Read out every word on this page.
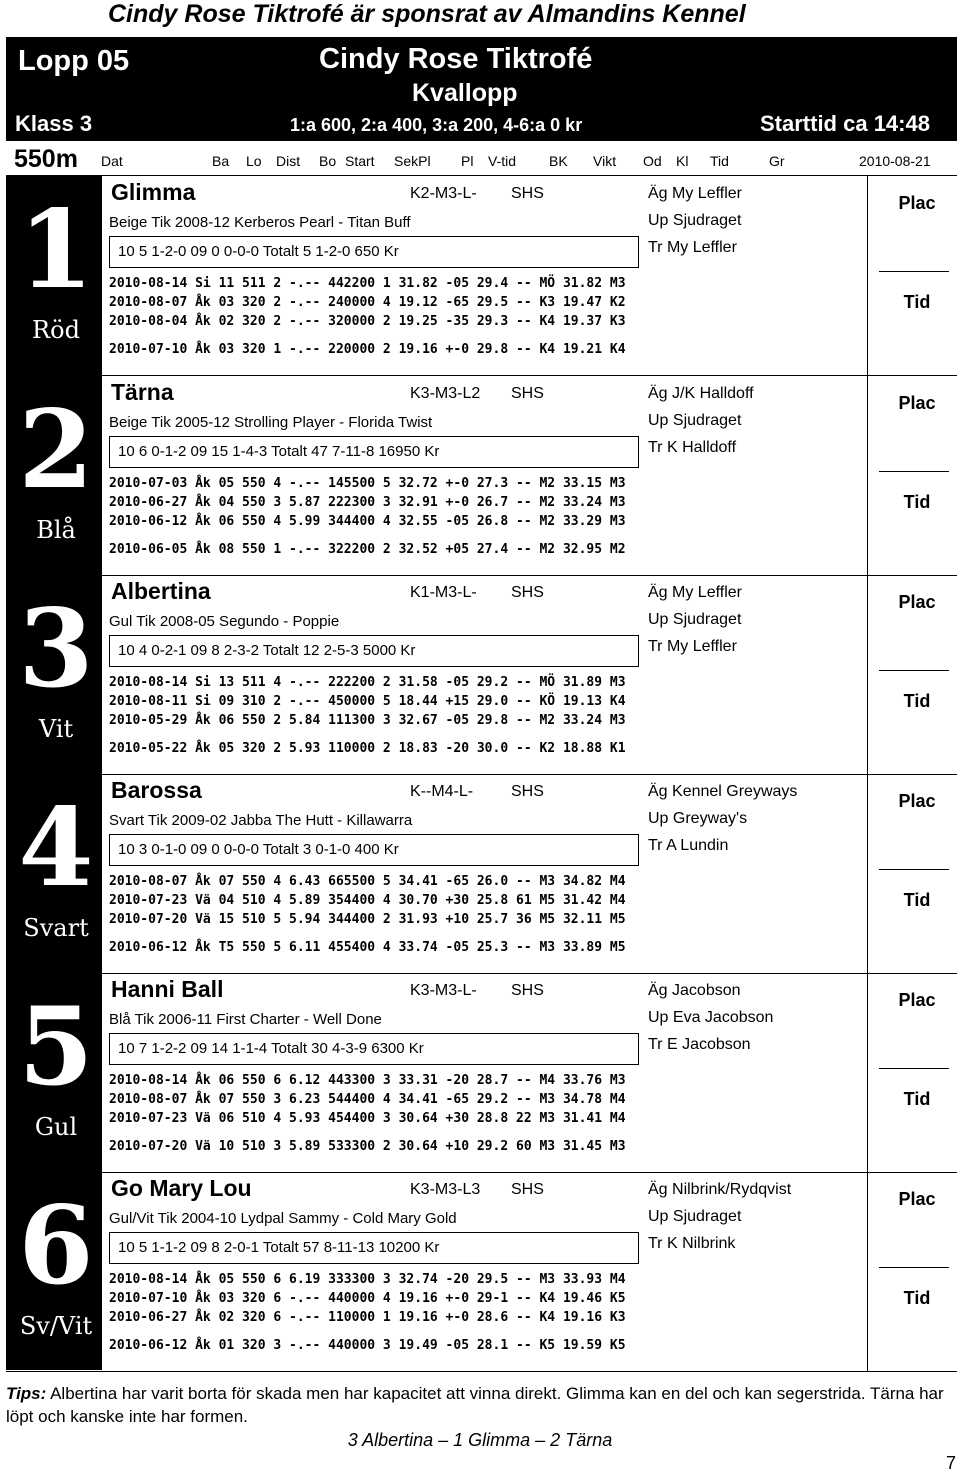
Cindy Rose Tiktrofé är sponsrat av Almandins Kennel
Lopp 05
Klass 3
Cindy Rose Tiktrofé
Kvallopp
1:a 600, 2:a 400, 3:a 200, 4-6:a 0 kr	Starttid ca 14:48
550m Dat	Ba Lo Dist Bo Start SekPl Pl V-tid BK Vikt Od Kl Tid	Gr	2010-08-21
1
Röd
Glimma	K2-M3-L- SHS	Äg My Leffler
Up Sjudraget
Tr My Leffler
Beige Tik 2008-12 Kerberos Pearl - Titan Buff
10 5 1-2-0 09 0 0-0-0 Totalt 5 1-2-0 650 Kr
2010-08-14 Si 11 511 2 -.-- 442200 1 31.82 -05 29.4 -- MÖ 31.82 M3
2010-08-07 Åk 03 320 2 -.-- 240000 4 19.12 -65 29.5 -- K3 19.47 K2
2010-08-04 Åk 02 320 2 -.-- 320000 2 19.25 -35 29.3 -- K4 19.37 K3
2010-07-10 Åk 03 320 1 -.-- 220000 2 19.16 +-0 29.8 -- K4 19.21 K4
Plac
Tid
2
Blå
Tärna	K3-M3-L2 SHS	Äg J/K Halldoff
Up Sjudraget
Tr K Halldoff
Beige Tik 2005-12 Strolling Player - Florida Twist
10 6 0-1-2 09 15 1-4-3 Totalt 47 7-11-8 16950 Kr
2010-07-03 Åk 05 550 4 -.-- 145500 5 32.72 +-0 27.3 -- M2 33.15 M3
2010-06-27 Åk 04 550 3 5.87 222300 3 32.91 +-0 26.7 -- M2 33.24 M3
2010-06-12 Åk 06 550 4 5.99 344400 4 32.55 -05 26.8 -- M2 33.29 M3
2010-06-05 Åk 08 550 1 -.-- 322200 2 32.52 +05 27.4 -- M2 32.95 M2
Plac
Tid
3
Vit
Albertina	K1-M3-L- SHS	Äg My Leffler
Up Sjudraget
Tr My Leffler
Gul Tik 2008-05 Segundo - Poppie
10 4 0-2-1 09 8 2-3-2 Totalt 12 2-5-3 5000 Kr
2010-08-14 Si 13 511 4 -.-- 222200 2 31.58 -05 29.2 -- MÖ 31.89 M3
2010-08-11 Si 09 310 2 -.-- 450000 5 18.44 +15 29.0 -- KÖ 19.13 K4
2010-05-29 Åk 06 550 2 5.84 111300 3 32.67 -05 29.8 -- M2 33.24 M3
2010-05-22 Åk 05 320 2 5.93 110000 2 18.83 -20 30.0 -- K2 18.88 K1
Plac
Tid
4
Svart
Barossa	K--M4-L- SHS	Äg Kennel Greyways
Up Greyway's
Tr A Lundin
Svart Tik 2009-02 Jabba The Hutt - Killawarra
10 3 0-1-0 09 0 0-0-0 Totalt 3 0-1-0 400 Kr
2010-08-07 Åk 07 550 4 6.43 665500 5 34.41 -65 26.0 -- M3 34.82 M4
2010-07-23 Vä 04 510 4 5.89 354400 4 30.70 +30 25.8 61 M5 31.42 M4
2010-07-20 Vä 15 510 5 5.94 344400 2 31.93 +10 25.7 36 M5 32.11 M5
2010-06-12 Åk T5 550 5 6.11 455400 4 33.74 -05 25.3 -- M3 33.89 M5
Plac
Tid
5
Gul
Hanni Ball	K3-M3-L- SHS	Äg Jacobson
Up Eva Jacobson
Tr E Jacobson
Blå Tik 2006-11 First Charter - Well Done
10 7 1-2-2 09 14 1-1-4 Totalt 30 4-3-9 6300 Kr
2010-08-14 Åk 06 550 6 6.12 443300 3 33.31 -20 28.7 -- M4 33.76 M3
2010-08-07 Åk 07 550 3 6.23 544400 4 34.41 -65 29.2 -- M3 34.78 M4
2010-07-23 Vä 06 510 4 5.93 454400 3 30.64 +30 28.8 22 M3 31.41 M4
2010-07-20 Vä 10 510 3 5.89 533300 2 30.64 +10 29.2 60 M3 31.45 M3
Plac
Tid
6
Sv/Vit
Go Mary Lou	K3-M3-L3 SHS	Äg Nilbrink/Rydqvist
Up Sjudraget
Tr K Nilbrink
Gul/Vit Tik 2004-10 Lydpal Sammy - Cold Mary Gold
10 5 1-1-2 09 8 2-0-1 Totalt 57 8-11-13 10200 Kr
2010-08-14 Åk 05 550 6 6.19 333300 3 32.74 -20 29.5 -- M3 33.93 M4
2010-07-10 Åk 03 320 6 -.-- 440000 4 19.16 +-0 29-1 -- K4 19.46 K5
2010-06-27 Åk 02 320 6 -.-- 110000 1 19.16 +-0 28.6 -- K4 19.16 K3
2010-06-12 Åk 01 320 3 -.-- 440000 3 19.49 -05 28.1 -- K5 19.59 K5
Plac
Tid
Tips: Albertina har varit borta för skada men har kapacitet att vinna direkt. Glimma kan en del och kan segerstrida. Tärna har löpt och kanske inte har formen.
3 Albertina – 1 Glimma – 2 Tärna
7
